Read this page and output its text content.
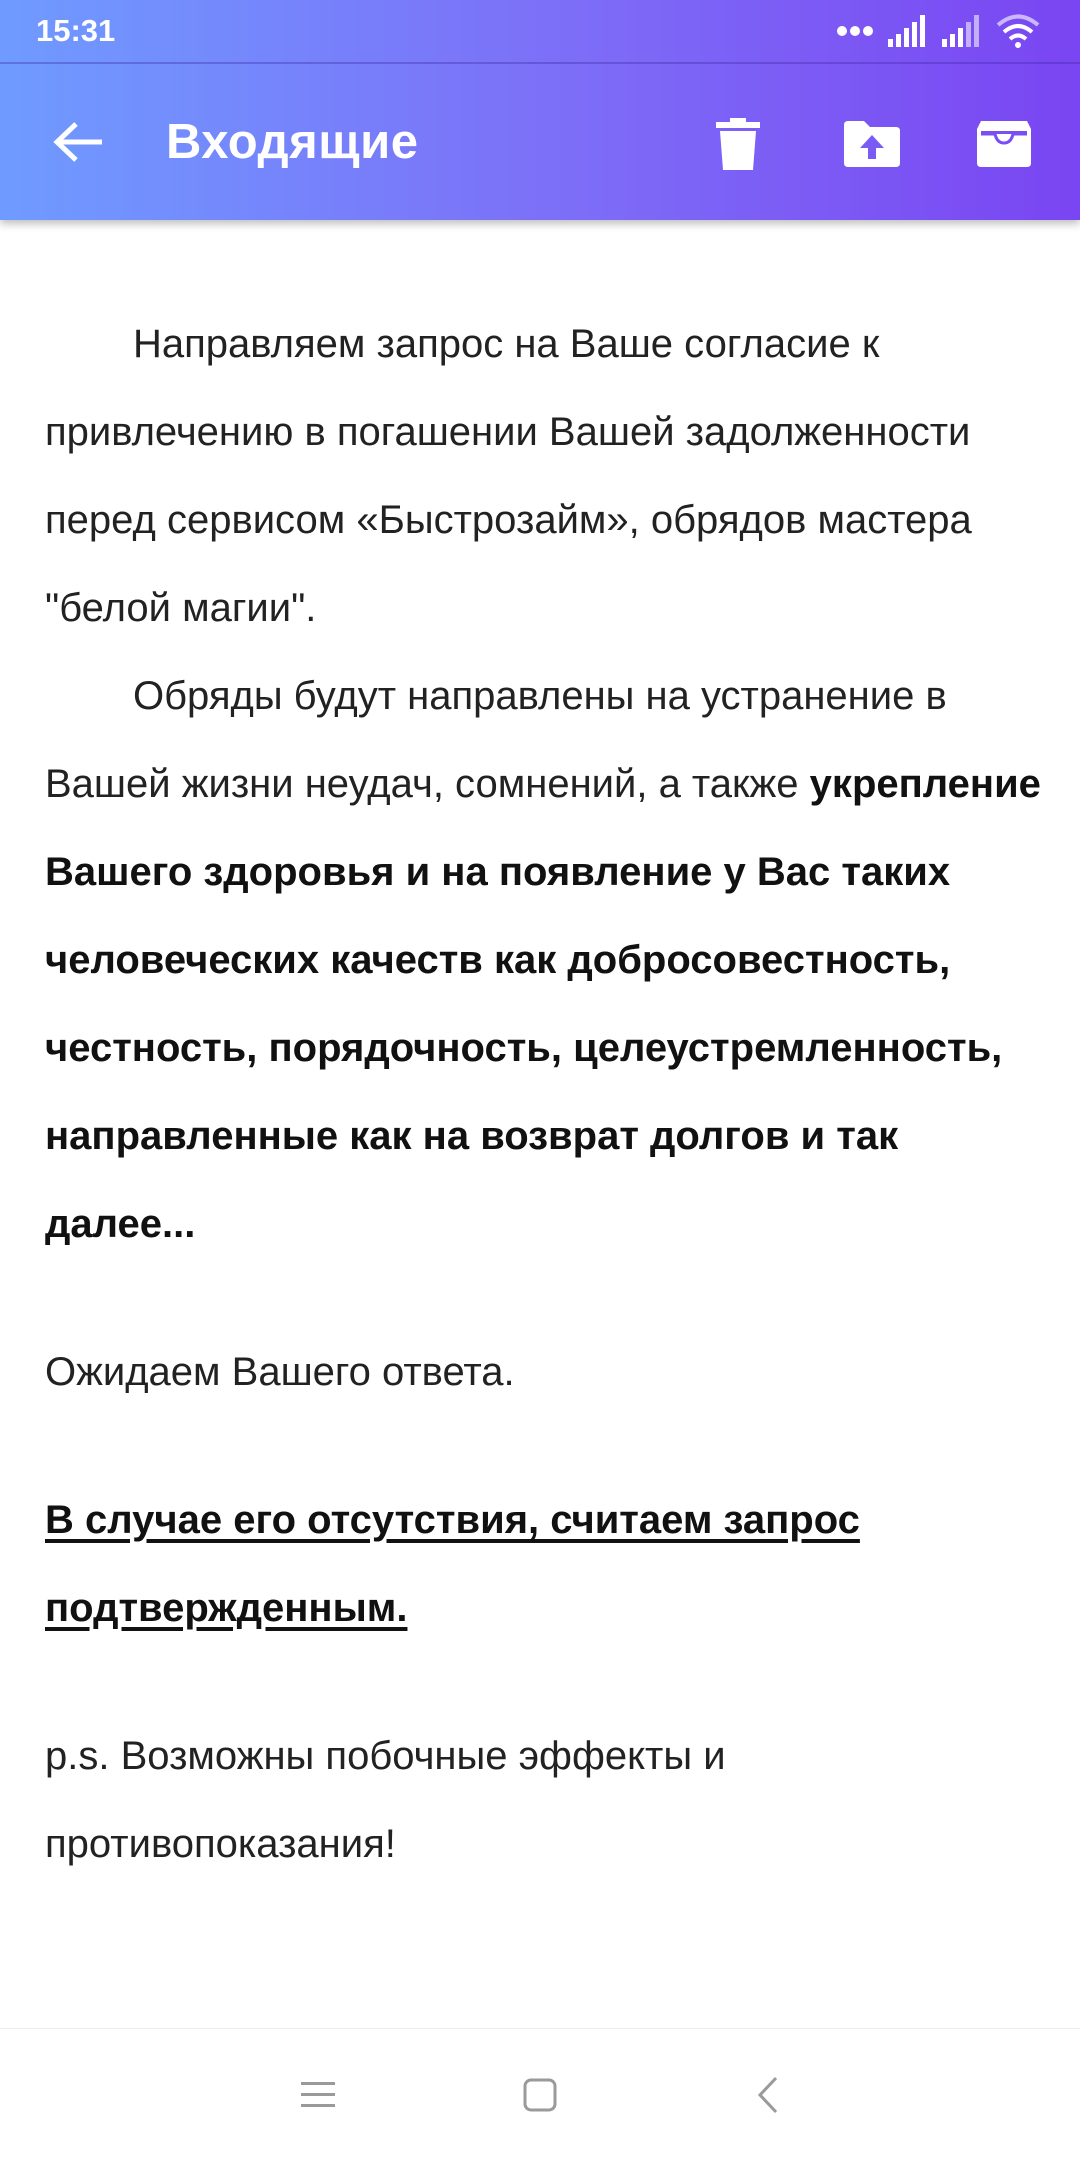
15:31
Входящие

Направляем запрос на Ваше согласие к привлечению в погашении Вашей задолженности перед сервисом «Быстрозайм», обрядов мастера "белой магии".

Обряды будут направлены на устранение в Вашей жизни неудач, сомнений, а также укрепление Вашего здоровья и на появление у Вас таких человеческих качеств как добросовестность, честность, порядочность, целеустремленность, направленные как на возврат долгов и так далее...

Ожидаем Вашего ответа.

В случае его отсутствия, считаем запрос подтвержденным.

p.s. Возможны побочные эффекты и противопоказания!
